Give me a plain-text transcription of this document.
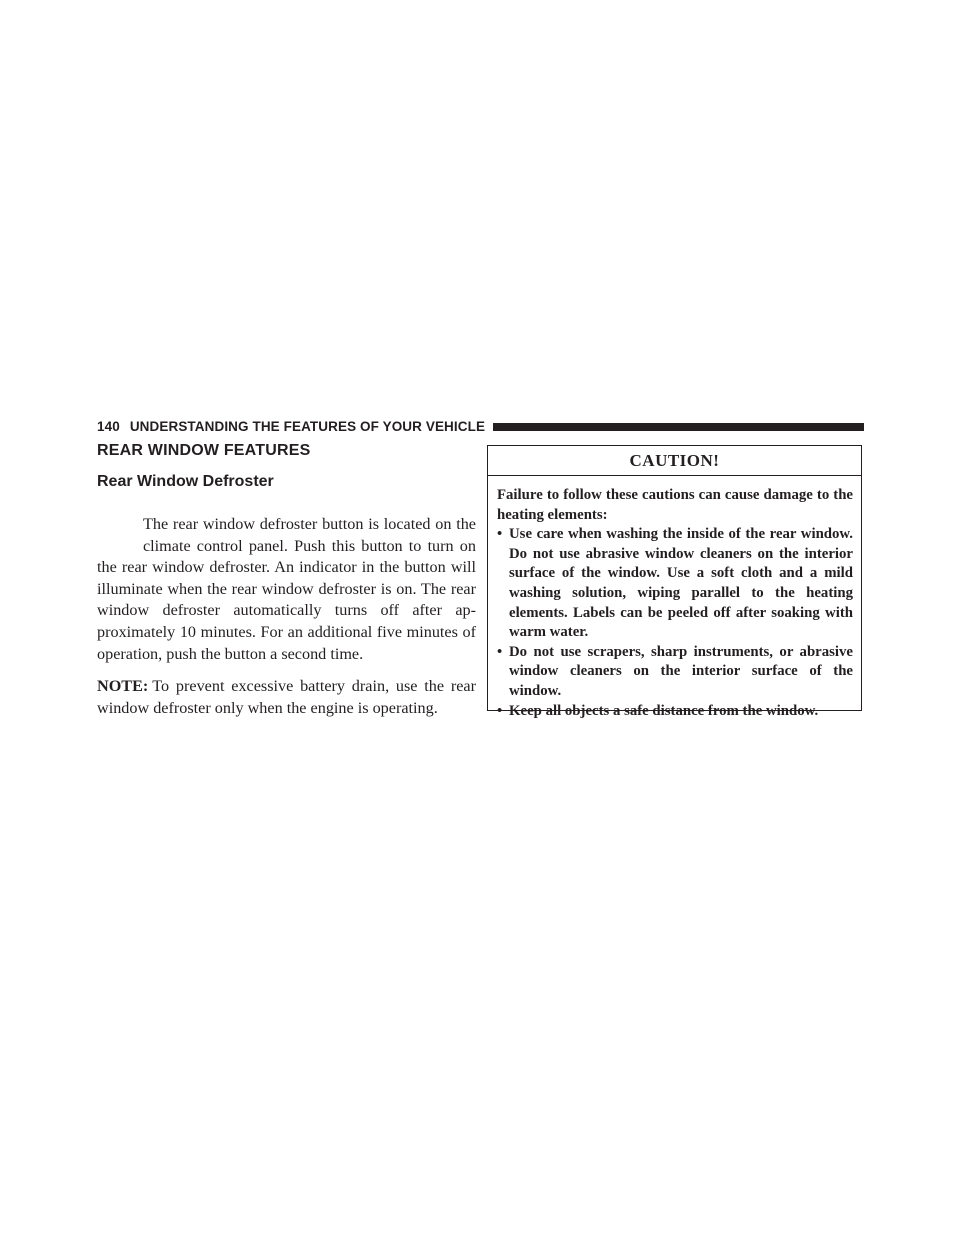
140 UNDERSTANDING THE FEATURES OF YOUR VEHICLE
REAR WINDOW FEATURES
Rear Window Defroster
The rear window defroster button is located on the climate control panel. Push this button to turn on the rear window defroster. An indicator in the button will illuminate when the rear window defroster is on. The rear window defroster automatically turns off after ap-proximately 10 minutes. For an additional five minutes of operation, push the button a second time.

NOTE: To prevent excessive battery drain, use the rear window defroster only when the engine is operating.

CAUTION!

Failure to follow these cautions can cause damage to the heating elements:

• Use care when washing the inside of the rear window. Do not use abrasive window cleaners on the interior surface of the window. Use a soft cloth and a mild washing solution, wiping parallel to the heating elements. Labels can be peeled off after soaking with warm water.
• Do not use scrapers, sharp instruments, or abrasive window cleaners on the interior surface of the window.
• Keep all objects a safe distance from the window.
